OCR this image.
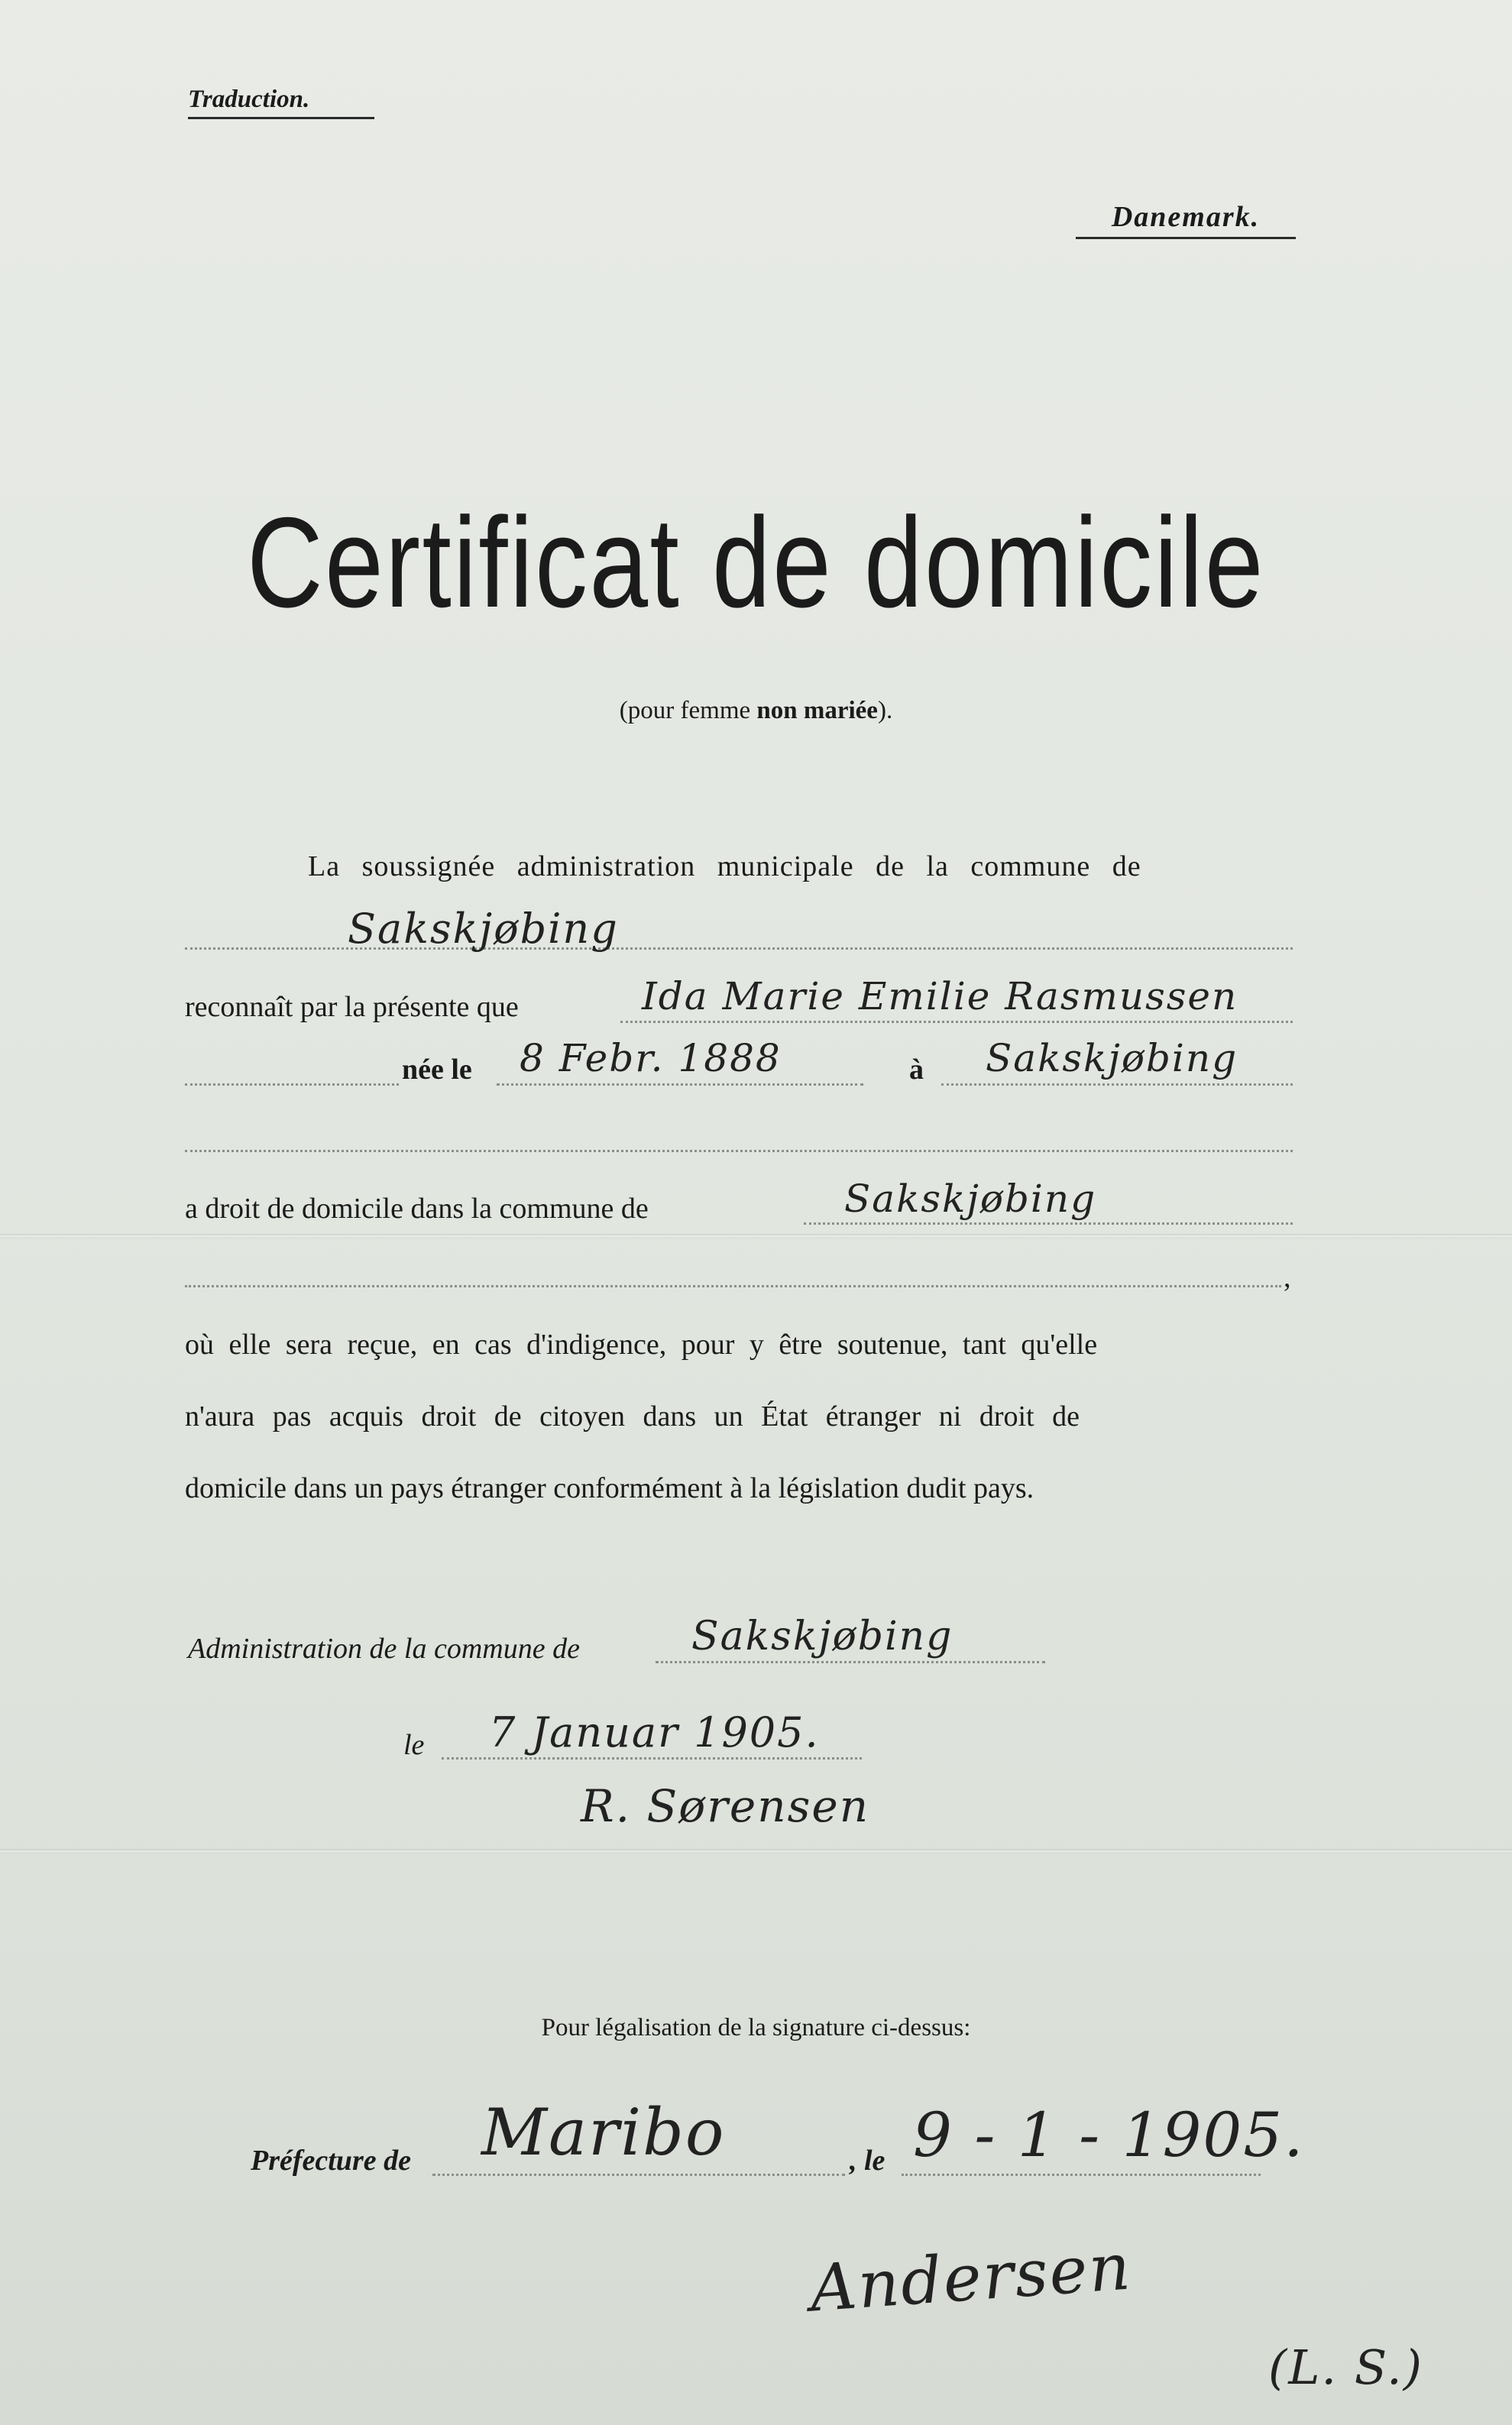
Traduction.
Danemark.
Certificat de domicile
(pour femme non mariée).
La soussignée administration municipale de la commune de
Sakskjøbing
reconnaît par la présente que	Ida Marie Emilie Rasmussen
née le 8 Febr. 1888	à Sakskjøbing
a droit de domicile dans la commune de	Sakskjøbing
,
où elle sera reçue, en cas d'indigence, pour y être soutenue, tant qu'elle
n'aura pas acquis droit de citoyen dans un État étranger ni droit de
domicile dans un pays étranger conformément à la législation dudit pays.
Administration de la commune de	Sakskjøbing
le 7 Januar 1905.
R. Sørensen
Pour légalisation de la signature ci-dessus:
Préfecture de Maribo	, le 9 - 1 - 1905.
Andersen
(L. S.)
